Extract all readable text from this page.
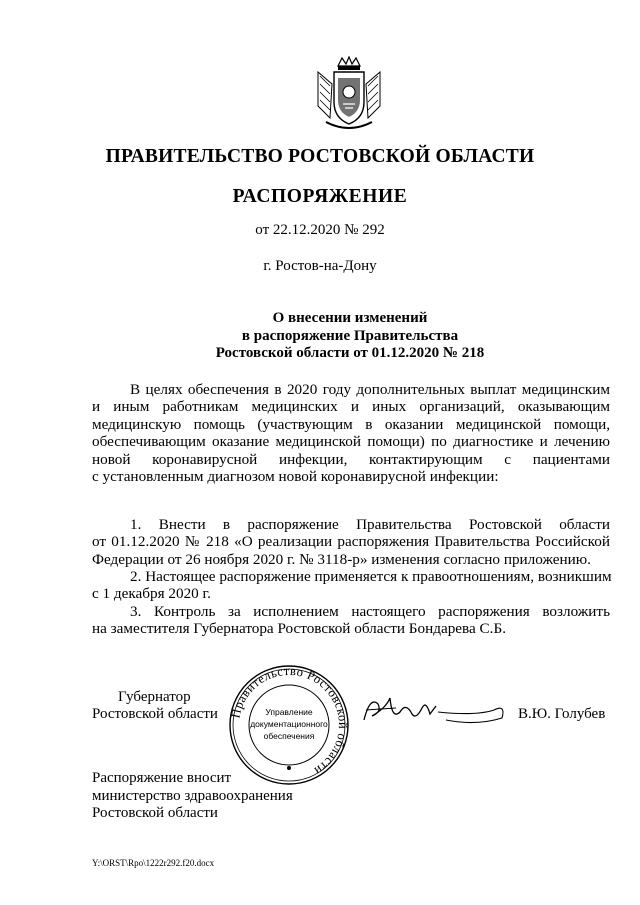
ПРАВИТЕЛЬСТВО РОСТОВСКОЙ ОБЛАСТИ
РАСПОРЯЖЕНИЕ
от 22.12.2020 № 292
г. Ростов-на-Дону
О внесении изменений
в распоряжение Правительства
Ростовской области от 01.12.2020 № 218
В целях обеспечения в 2020 году дополнительных выплат медицинским
и иным работникам медицинских и иных организаций, оказывающим
медицинскую помощь (участвующим в оказании медицинской помощи,
обеспечивающим оказание медицинской помощи) по диагностике и лечению
новой коронавирусной инфекции, контактирующим с пациентами
с установленным диагнозом новой коронавирусной инфекции:
1. Внести в распоряжение Правительства Ростовской области
от 01.12.2020 № 218 «О реализации распоряжения Правительства Российской
Федерации от 26 ноября 2020 г. № 3118-р» изменения согласно приложению.
2. Настоящее распоряжение применяется к правоотношениям, возникшим
с 1 декабря 2020 г.
3. Контроль за исполнением настоящего распоряжения возложить
на заместителя Губернатора Ростовской области Бондарева С.Б.
Губернатор
Ростовской области Правительство Ростовской области
Управление
документационного
обеспечения
В.Ю. Голубев
Распоряжение вносит
министерство здравоохранения
Ростовской области
Y:\ORST\Rpo\1222r292.f20.docx
